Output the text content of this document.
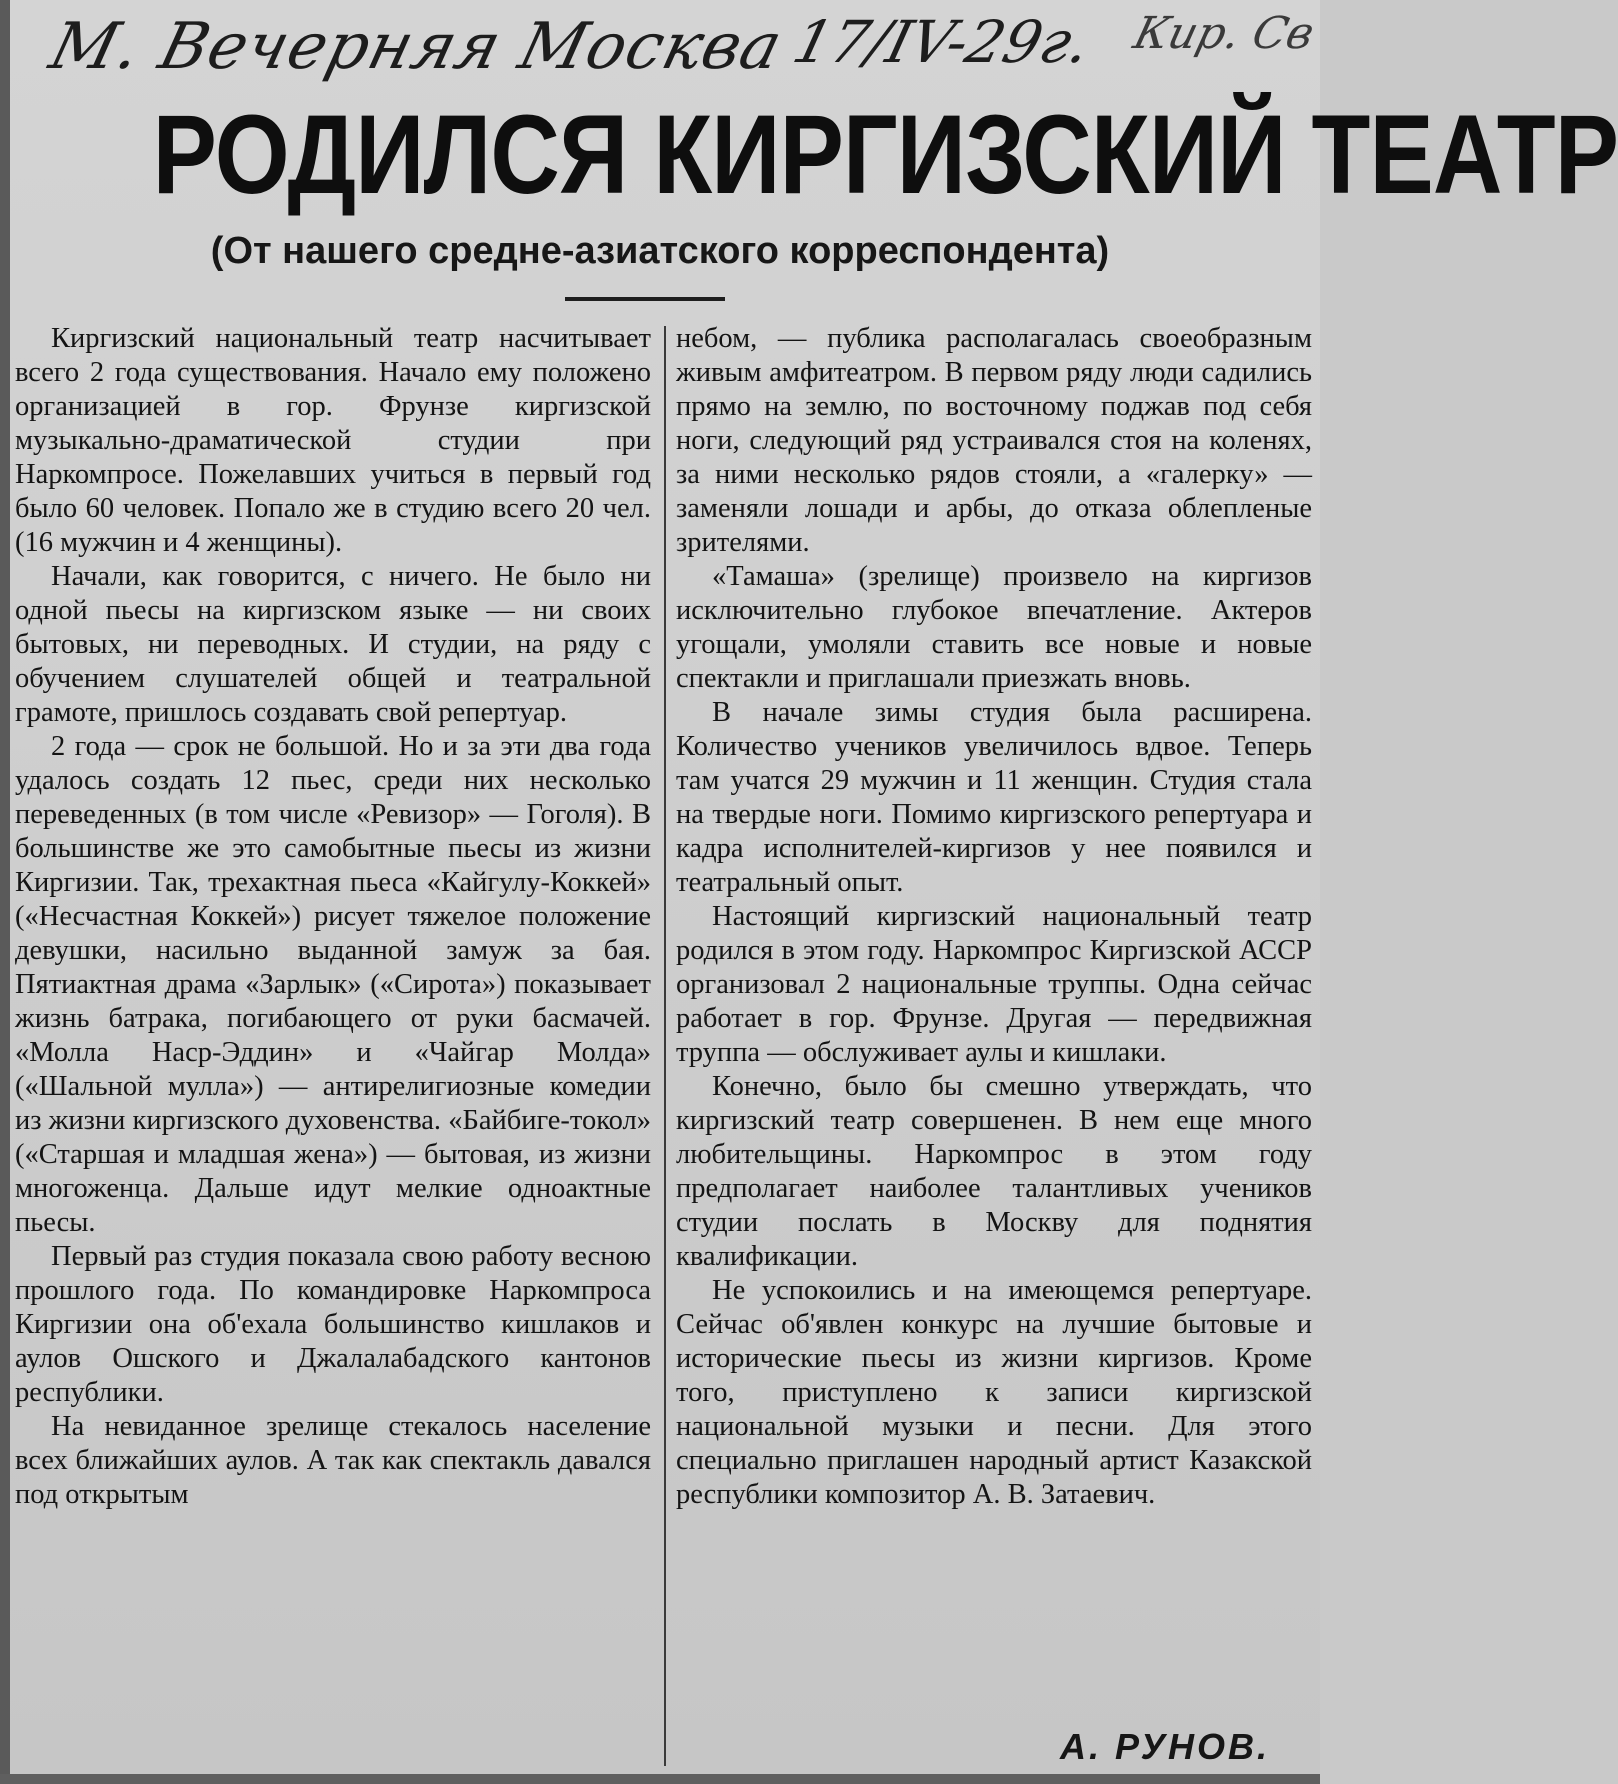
М. Вечерняя Москва
17/IV-29г. Кир. Св
РОДИЛСЯ КИРГИЗСКИЙ ТЕАТР
(От нашего средне-азиатского корреспондента)

Киргизский национальный театр насчитывает всего 2 года существования. Начало ему положено организацией в гор. Фрунзе киргизской музыкально-драматической студии при Наркомпросе. Пожелавших учиться в первый год было 60 человек. Попало же в студию всего 20 чел. (16 мужчин и 4 женщины).

Начали, как говорится, с ничего. Не было ни одной пьесы на киргизском языке — ни своих бытовых, ни переводных. И студии, на ряду с обучением слушателей общей и театральной грамоте, пришлось создавать свой репертуар.

2 года — срок не большой. Но и за эти два года удалось создать 12 пьес, среди них несколько переведенных (в том числе «Ревизор» — Гоголя). В большинстве же это самобытные пьесы из жизни Киргизии. Так, трехактная пьеса «Кайгулу-Коккей» («Несчастная Коккей») рисует тяжелое положение девушки, насильно выданной замуж за бая. Пятиактная драма «Зарлык» («Сирота») показывает жизнь батрака, погибающего от руки басмачей. «Молла Наср-Эддин» и «Чайгар Молда» («Шальной мулла») — антирелигиозные комедии из жизни киргизского духовенства. «Байбиге-токол» («Старшая и младшая жена») — бытовая, из жизни многоженца. Дальше идут мелкие одноактные пьесы.

Первый раз студия показала свою работу весною прошлого года. По командировке Наркомпроса Киргизии она об'ехала большинство кишлаков и аулов Ошского и Джалалабадского кантонов республики.

На невиданное зрелище стекалось население всех ближайших аулов. А так как спектакль давался под открытым

небом, — публика располагалась своеобразным живым амфитеатром. В первом ряду люди садились прямо на землю, по восточному поджав под себя ноги, следующий ряд устраивался стоя на коленях, за ними несколько рядов стояли, а «галерку» — заменяли лошади и арбы, до отказа облепленые зрителями.

«Тамаша» (зрелище) произвело на киргизов исключительно глубокое впечатление. Актеров угощали, умоляли ставить все новые и новые спектакли и приглашали приезжать вновь.

В начале зимы студия была расширена. Количество учеников увеличилось вдвое. Теперь там учатся 29 мужчин и 11 женщин. Студия стала на твердые ноги. Помимо киргизского репертуара и кадра исполнителей-киргизов у нее появился и театральный опыт.

Настоящий киргизский национальный театр родился в этом году. Наркомпрос Киргизской АССР организовал 2 национальные труппы. Одна сейчас работает в гор. Фрунзе. Другая — передвижная труппа — обслуживает аулы и кишлаки.

Конечно, было бы смешно утверждать, что киргизский театр совершенен. В нем еще много любительщины. Наркомпрос в этом году предполагает наиболее талантливых учеников студии послать в Москву для поднятия квалификации.

Не успокоились и на имеющемся репертуаре. Сейчас об'явлен конкурс на лучшие бытовые и исторические пьесы из жизни киргизов. Кроме того, приступлено к записи киргизской национальной музыки и песни. Для этого специально приглашен народный артист Казакской республики композитор А. В. Затаевич.

А. РУНОВ.
